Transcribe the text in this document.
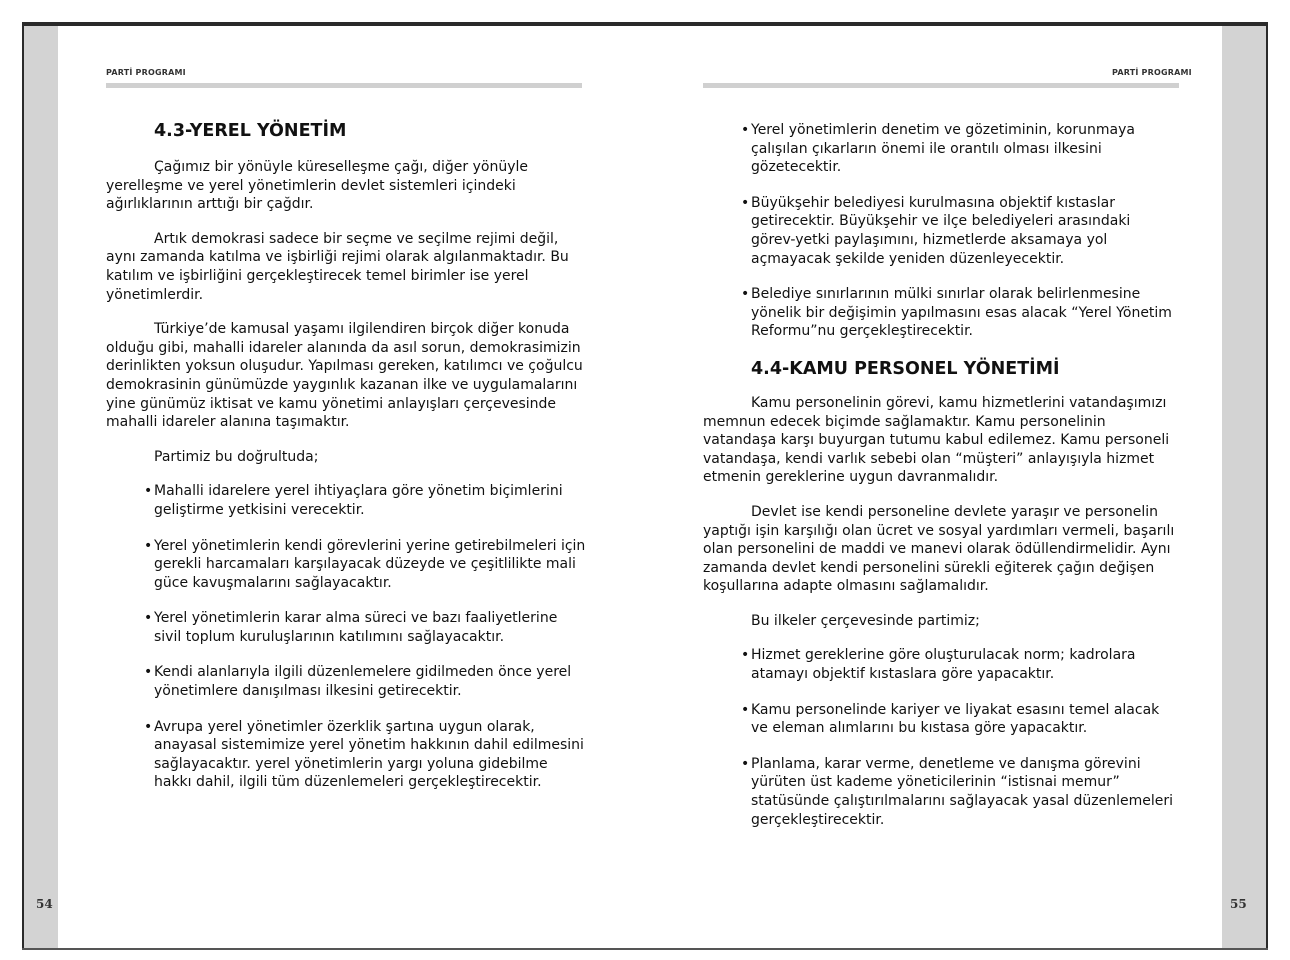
PARTİ PROGRAMI
4.3-YEREL YÖNETİM

Çağımız bir yönüyle küreselleşme çağı, diğer yönüyle yerelleşme ve yerel yönetimlerin devlet sistemleri içindeki ağırlıklarının arttığı bir çağdır.

Artık demokrasi sadece bir seçme ve seçilme rejimi değil, aynı zamanda katılma ve işbirliği rejimi olarak algılanmaktadır. Bu katılım ve işbirliğini gerçekleştirecek temel birimler ise yerel yönetimlerdir.

Türkiye’de kamusal yaşamı ilgilendiren birçok diğer konuda olduğu gibi, mahalli idareler alanında da asıl sorun, demokrasimizin derinlikten yoksun oluşudur. Yapılması gereken, katılımcı ve çoğulcu demokrasinin günümüzde yaygınlık kazanan ilke ve uygulamalarını yine günümüz iktisat ve kamu yönetimi anlayışları çerçevesinde mahalli idareler alanına taşımaktır.

Partimiz bu doğrultuda;

• Mahalli idarelere yerel ihtiyaçlara göre yönetim biçimlerini geliştirme yetkisini verecektir.
• Yerel yönetimlerin kendi görevlerini yerine getirebilmeleri için gerekli harcamaları karşılayacak düzeyde ve çeşitlilikte mali güce kavuşmalarını sağlayacaktır.
• Yerel yönetimlerin karar alma süreci ve bazı faaliyetlerine sivil toplum kuruluşlarının katılımını sağlayacaktır.
• Kendi alanlarıyla ilgili düzenlemelere gidilmeden önce yerel yönetimlere danışılması ilkesini getirecektir.
• Avrupa yerel yönetimler özerklik şartına uygun olarak, anayasal sistemimize yerel yönetim hakkının dahil edilmesini sağlayacaktır. yerel yönetimlerin yargı yoluna gidebilme hakkı dahil, ilgili tüm düzenlemeleri gerçekleştirecektir.
54
PARTİ PROGRAMI
• Yerel yönetimlerin denetim ve gözetiminin, korunmaya çalışılan çıkarların önemi ile orantılı olması ilkesini gözetecektir.
• Büyükşehir belediyesi kurulmasına objektif kıstaslar getirecektir. Büyükşehir ve ilçe belediyeleri arasındaki görev-yetki paylaşımını, hizmetlerde aksamaya yol açmayacak şekilde yeniden düzenleyecektir.
• Belediye sınırlarının mülki sınırlar olarak belirlenmesine yönelik bir değişimin yapılmasını esas alacak “Yerel Yönetim Reformu”nu gerçekleştirecektir.
4.4-KAMU PERSONEL YÖNETİMİ

Kamu personelinin görevi, kamu hizmetlerini vatandaşımızı memnun edecek biçimde sağlamaktır. Kamu personelinin vatandaşa karşı buyurgan tutumu kabul edilemez. Kamu personeli vatandaşa, kendi varlık sebebi olan “müşteri” anlayışıyla hizmet etmenin gereklerine uygun davranmalıdır.

Devlet ise kendi personeline devlete yaraşır ve personelin yaptığı işin karşılığı olan ücret ve sosyal yardımları vermeli, başarılı olan personelini de maddi ve manevi olarak ödüllendirmelidir. Aynı zamanda devlet kendi personelini sürekli eğiterek çağın değişen koşullarına adapte olmasını sağlamalıdır.

Bu ilkeler çerçevesinde partimiz;

• Hizmet gereklerine göre oluşturulacak norm; kadrolara atamayı objektif kıstaslara göre yapacaktır.
• Kamu personelinde kariyer ve liyakat esasını temel alacak ve eleman alımlarını bu kıstasa göre yapacaktır.
• Planlama, karar verme, denetleme ve danışma görevini yürüten üst kademe yöneticilerinin “istisnai memur” statüsünde çalıştırılmalarını sağlayacak yasal düzenlemeleri gerçekleştirecektir.
55
